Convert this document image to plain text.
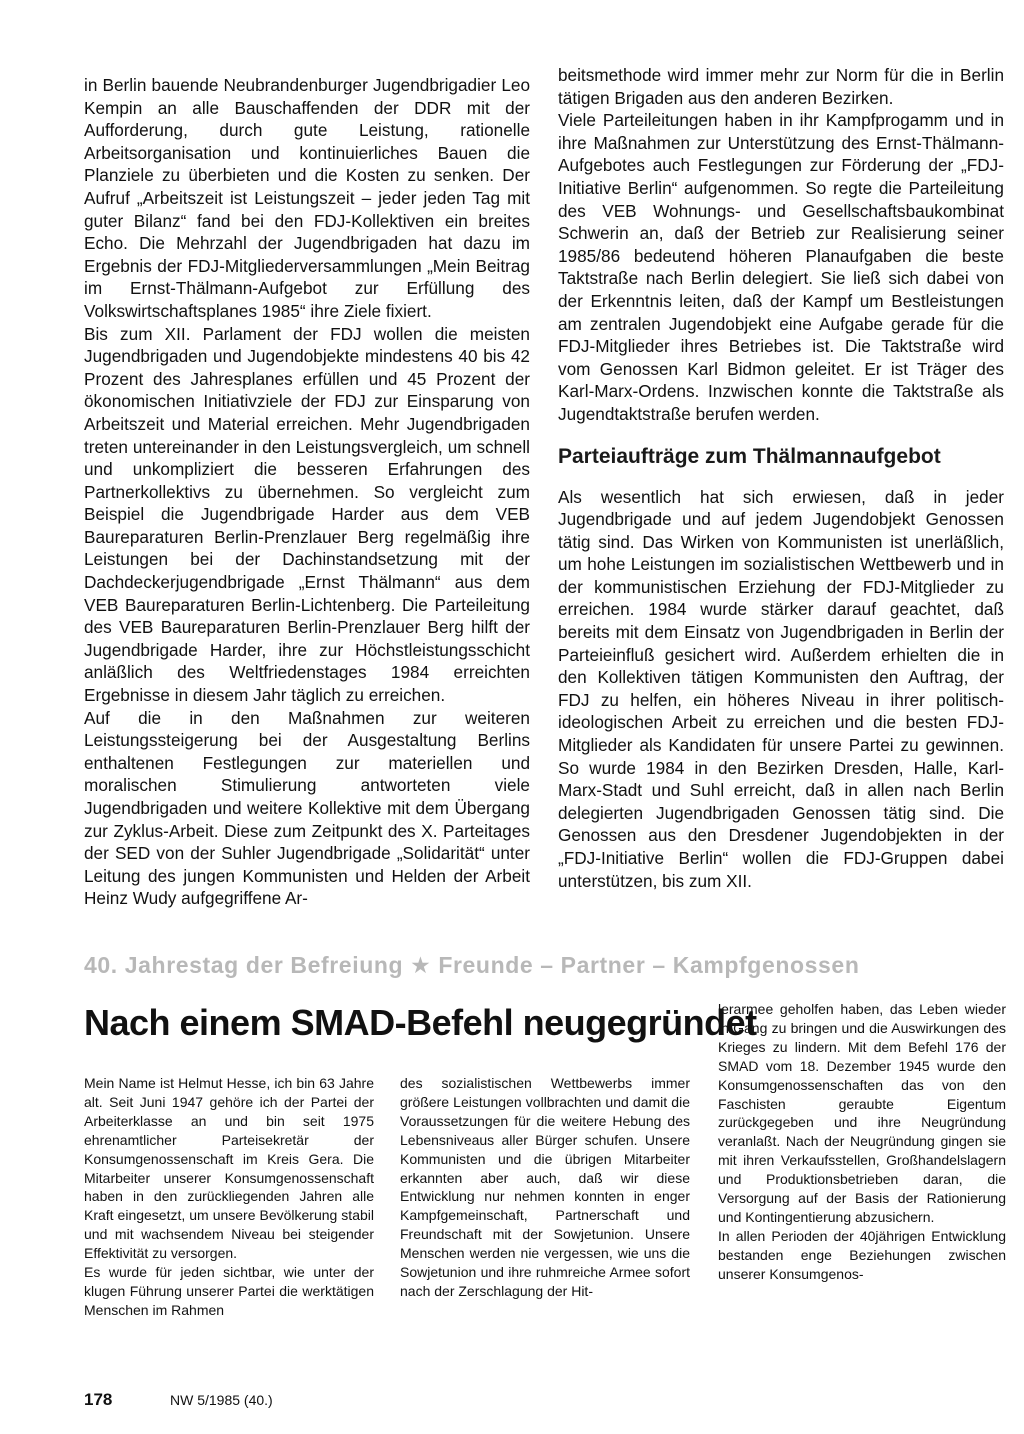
in Berlin bauende Neubrandenburger Jugendbrigadier Leo Kempin an alle Bauschaffenden der DDR mit der Aufforderung, durch gute Leistung, rationelle Arbeitsorganisation und kontinuierliches Bauen die Planziele zu überbieten und die Kosten zu senken. Der Aufruf „Arbeitszeit ist Leistungszeit – jeder jeden Tag mit guter Bilanz“ fand bei den FDJ-Kollektiven ein breites Echo. Die Mehrzahl der Jugendbrigaden hat dazu im Ergebnis der FDJ-Mitgliederversammlungen „Mein Beitrag im Ernst-Thälmann-Aufgebot zur Erfüllung des Volkswirtschaftsplanes 1985“ ihre Ziele fixiert.

Bis zum XII. Parlament der FDJ wollen die meisten Jugendbrigaden und Jugendobjekte mindestens 40 bis 42 Prozent des Jahresplanes erfüllen und 45 Prozent der ökonomischen Initiativziele der FDJ zur Einsparung von Arbeitszeit und Material erreichen. Mehr Jugendbrigaden treten untereinander in den Leistungsvergleich, um schnell und unkompliziert die besseren Erfahrungen des Partnerkollektivs zu übernehmen. So vergleicht zum Beispiel die Jugendbrigade Harder aus dem VEB Baureparaturen Berlin-Prenzlauer Berg regelmäßig ihre Leistungen bei der Dachinstandsetzung mit der Dachdeckerjugendbrigade „Ernst Thälmann“ aus dem VEB Baureparaturen Berlin-Lichtenberg. Die Parteileitung des VEB Baureparaturen Berlin-Prenzlauer Berg hilft der Jugendbrigade Harder, ihre zur Höchstleistungsschicht anläßlich des Weltfriedenstages 1984 erreichten Ergebnisse in diesem Jahr täglich zu erreichen.

Auf die in den Maßnahmen zur weiteren Leistungssteigerung bei der Ausgestaltung Berlins enthaltenen Festlegungen zur materiellen und moralischen Stimulierung antworteten viele Jugendbrigaden und weitere Kollektive mit dem Übergang zur Zyklus-Arbeit. Diese zum Zeitpunkt des X. Parteitages der SED von der Suhler Jugendbrigade „Solidarität“ unter Leitung des jungen Kommunisten und Helden der Arbeit Heinz Wudy aufgegriffene Ar-

beitsmethode wird immer mehr zur Norm für die in Berlin tätigen Brigaden aus den anderen Bezirken.

Viele Parteileitungen haben in ihr Kampfprogamm und in ihre Maßnahmen zur Unterstützung des Ernst-Thälmann-Aufgebotes auch Festlegungen zur Förderung der „FDJ-Initiative Berlin“ aufgenommen. So regte die Parteileitung des VEB Wohnungs- und Gesellschaftsbaukombinat Schwerin an, daß der Betrieb zur Realisierung seiner 1985/86 bedeutend höheren Planaufgaben die beste Taktstraße nach Berlin delegiert. Sie ließ sich dabei von der Erkenntnis leiten, daß der Kampf um Bestleistungen am zentralen Jugendobjekt eine Aufgabe gerade für die FDJ-Mitglieder ihres Betriebes ist. Die Taktstraße wird vom Genossen Karl Bidmon geleitet. Er ist Träger des Karl-Marx-Ordens. Inzwischen konnte die Taktstraße als Jugendtaktstraße berufen werden.

Parteiaufträge zum Thälmannaufgebot

Als wesentlich hat sich erwiesen, daß in jeder Jugendbrigade und auf jedem Jugendobjekt Genossen tätig sind. Das Wirken von Kommunisten ist unerläßlich, um hohe Leistungen im sozialistischen Wettbewerb und in der kommunistischen Erziehung der FDJ-Mitglieder zu erreichen. 1984 wurde stärker darauf geachtet, daß bereits mit dem Einsatz von Jugendbrigaden in Berlin der Parteieinfluß gesichert wird. Außerdem erhielten die in den Kollektiven tätigen Kommunisten den Auftrag, der FDJ zu helfen, ein höheres Niveau in ihrer politisch-ideologischen Arbeit zu erreichen und die besten FDJ-Mitglieder als Kandidaten für unsere Partei zu gewinnen. So wurde 1984 in den Bezirken Dresden, Halle, Karl-Marx-Stadt und Suhl erreicht, daß in allen nach Berlin delegierten Jugendbrigaden Genossen tätig sind. Die Genossen aus den Dresdener Jugendobjekten in der „FDJ-Initiative Berlin“ wollen die FDJ-Gruppen dabei unterstützen, bis zum XII.

40. Jahrestag der Befreiung ★ Freunde – Partner – Kampfgenossen
Nach einem SMAD-Befehl neugegründet

Mein Name ist Helmut Hesse, ich bin 63 Jahre alt. Seit Juni 1947 gehöre ich der Partei der Arbeiterklasse an und bin seit 1975 ehrenamtlicher Parteisekretär der Konsumgenossenschaft im Kreis Gera. Die Mitarbeiter unserer Konsumgenossenschaft haben in den zurückliegenden Jahren alle Kraft eingesetzt, um unsere Bevölkerung stabil und mit wachsendem Niveau bei steigender Effektivität zu versorgen.

Es wurde für jeden sichtbar, wie unter der klugen Führung unserer Partei die werktätigen Menschen im Rahmen

des sozialistischen Wettbewerbs immer größere Leistungen vollbrachten und damit die Voraussetzungen für die weitere Hebung des Lebensniveaus aller Bürger schufen. Unsere Kommunisten und die übrigen Mitarbeiter erkannten aber auch, daß wir diese Entwicklung nur nehmen konnten in enger Kampfgemeinschaft, Partnerschaft und Freundschaft mit der Sowjetunion. Unsere Menschen werden nie vergessen, wie uns die Sowjetunion und ihre ruhmreiche Armee sofort nach der Zerschlagung der Hit-

lerarmee geholfen haben, das Leben wieder in Gang zu bringen und die Auswirkungen des Krieges zu lindern. Mit dem Befehl 176 der SMAD vom 18. Dezember 1945 wurde den Konsumgenossenschaften das von den Faschisten geraubte Eigentum zurückgegeben und ihre Neugründung veranlaßt. Nach der Neugründung gingen sie mit ihren Verkaufsstellen, Großhandelslagern und Produktionsbetrieben daran, die Versorgung auf der Basis der Rationierung und Kontingentierung abzusichern.

In allen Perioden der 40jährigen Entwicklung bestanden enge Beziehungen zwischen unserer Konsumgenos-

178	NW 5/1985 (40.)
